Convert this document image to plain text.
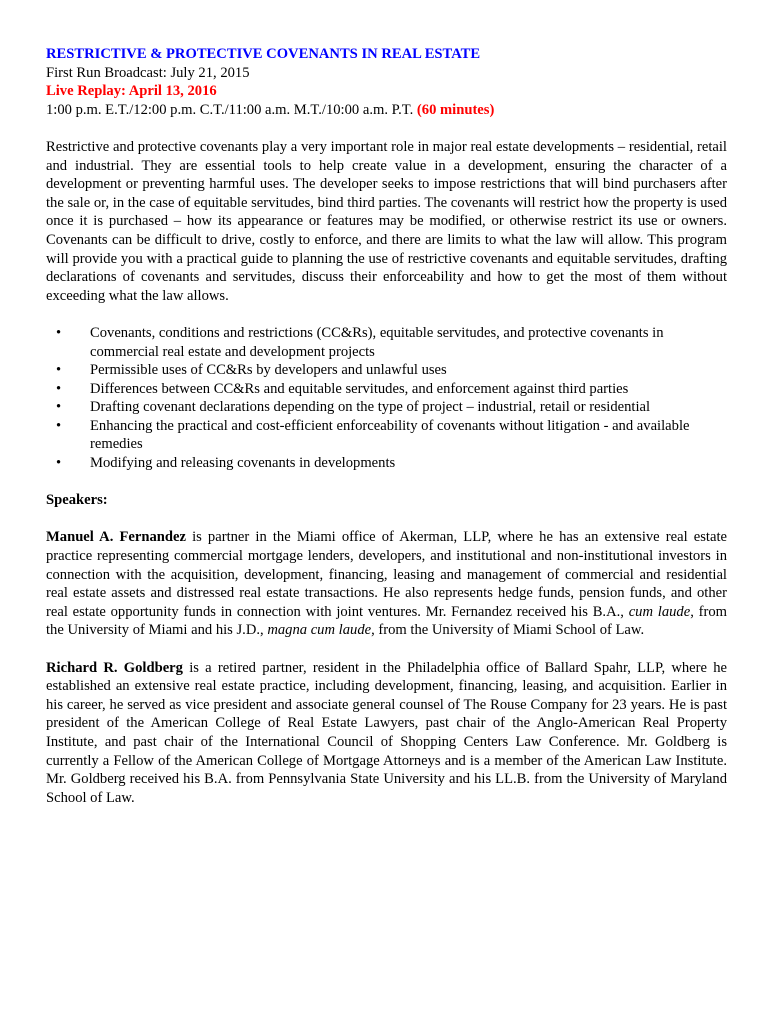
RESTRICTIVE & PROTECTIVE COVENANTS IN REAL ESTATE
First Run Broadcast: July 21, 2015
Live Replay: April 13, 2016
1:00 p.m. E.T./12:00 p.m. C.T./11:00 a.m. M.T./10:00 a.m. P.T. (60 minutes)

Restrictive and protective covenants play a very important role in major real estate developments – residential, retail and industrial. They are essential tools to help create value in a development, ensuring the character of a development or preventing harmful uses. The developer seeks to impose restrictions that will bind purchasers after the sale or, in the case of equitable servitudes, bind third parties. The covenants will restrict how the property is used once it is purchased – how its appearance or features may be modified, or otherwise restrict its use or owners. Covenants can be difficult to drive, costly to enforce, and there are limits to what the law will allow. This program will provide you with a practical guide to planning the use of restrictive covenants and equitable servitudes, drafting declarations of covenants and servitudes, discuss their enforceability and how to get the most of them without exceeding what the law allows.

• Covenants, conditions and restrictions (CC&Rs), equitable servitudes, and protective covenants in commercial real estate and development projects
• Permissible uses of CC&Rs by developers and unlawful uses
• Differences between CC&Rs and equitable servitudes, and enforcement against third parties
• Drafting covenant declarations depending on the type of project – industrial, retail or residential
• Enhancing the practical and cost-efficient enforceability of covenants without litigation - and available remedies
• Modifying and releasing covenants in developments
Speakers:

Manuel A. Fernandez is partner in the Miami office of Akerman, LLP, where he has an extensive real estate practice representing commercial mortgage lenders, developers, and institutional and non-institutional investors in connection with the acquisition, development, financing, leasing and management of commercial and residential real estate assets and distressed real estate transactions. He also represents hedge funds, pension funds, and other real estate opportunity funds in connection with joint ventures. Mr. Fernandez received his B.A., cum laude, from the University of Miami and his J.D., magna cum laude, from the University of Miami School of Law.

Richard R. Goldberg is a retired partner, resident in the Philadelphia office of Ballard Spahr, LLP, where he established an extensive real estate practice, including development, financing, leasing, and acquisition. Earlier in his career, he served as vice president and associate general counsel of The Rouse Company for 23 years. He is past president of the American College of Real Estate Lawyers, past chair of the Anglo-American Real Property Institute, and past chair of the International Council of Shopping Centers Law Conference. Mr. Goldberg is currently a Fellow of the American College of Mortgage Attorneys and is a member of the American Law Institute. Mr. Goldberg received his B.A. from Pennsylvania State University and his LL.B. from the University of Maryland School of Law.
